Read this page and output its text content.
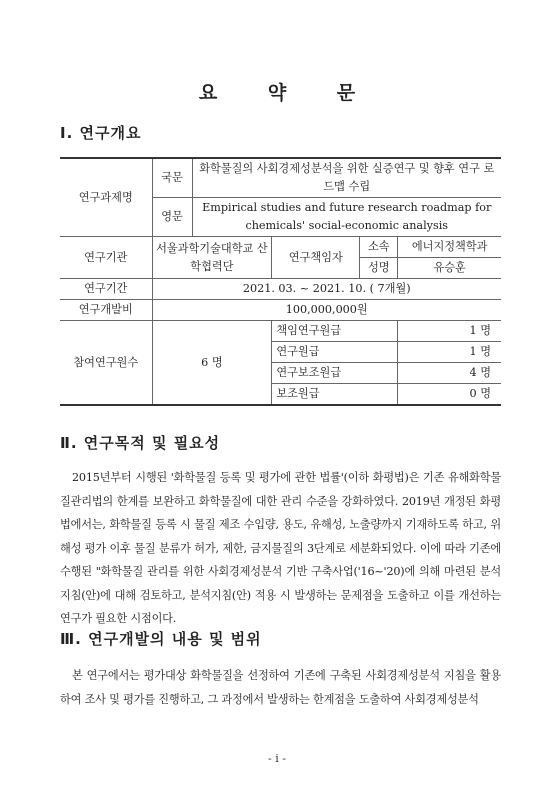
요 약 문
Ⅰ. 연구개요
연구과제명	국문	화학물질의 사회경제성분석을 위한 실증연구 및 향후 연구 로드맵 수립			
	영문	Empirical studies and future research roadmap for chemicals' social-economic analysis			
연구기관	서울과학기술대학교 산학협력단		연구책임자	소속	에너지정책학과
				성명	유승훈
연구기간	2021. 03. ~ 2021. 10. ( 7개월)				
연구개발비	100,000,000원				
참여연구원수	6 명		책임연구원급		1 명
			연구원급		1 명
			연구보조원급		4 명
			보조원급		0 명
Ⅱ. 연구목적 및 필요성
2015년부터 시행된 '화학물질 등록 및 평가에 관한 법률'(이하 화평법)은 기존 유해화학물질관리법의 한계를 보완하고 화학물질에 대한 관리 수준을 강화하였다. 2019년 개정된 화평법에서는, 화학물질 등록 시 물질 제조 수입량, 용도, 유해성, 노출량까지 기재하도록 하고, 위해성 평가 이후 물질 분류가 허가, 제한, 금지물질의 3단계로 세분화되었다. 이에 따라 기존에 수행된 "화학물질 관리를 위한 사회경제성분석 기반 구축사업('16~'20)에 의해 마련된 분석지침(안)에 대해 검토하고, 분석지침(안) 적용 시 발생하는 문제점을 도출하고 이를 개선하는 연구가 필요한 시점이다.
Ⅲ. 연구개발의 내용 및 범위
본 연구에서는 평가대상 화학물질을 선정하여 기존에 구축된 사회경제성분석 지침을 활용하여 조사 및 평가를 진행하고, 그 과정에서 발생하는 한계점을 도출하여 사회경제성분석
- i -
